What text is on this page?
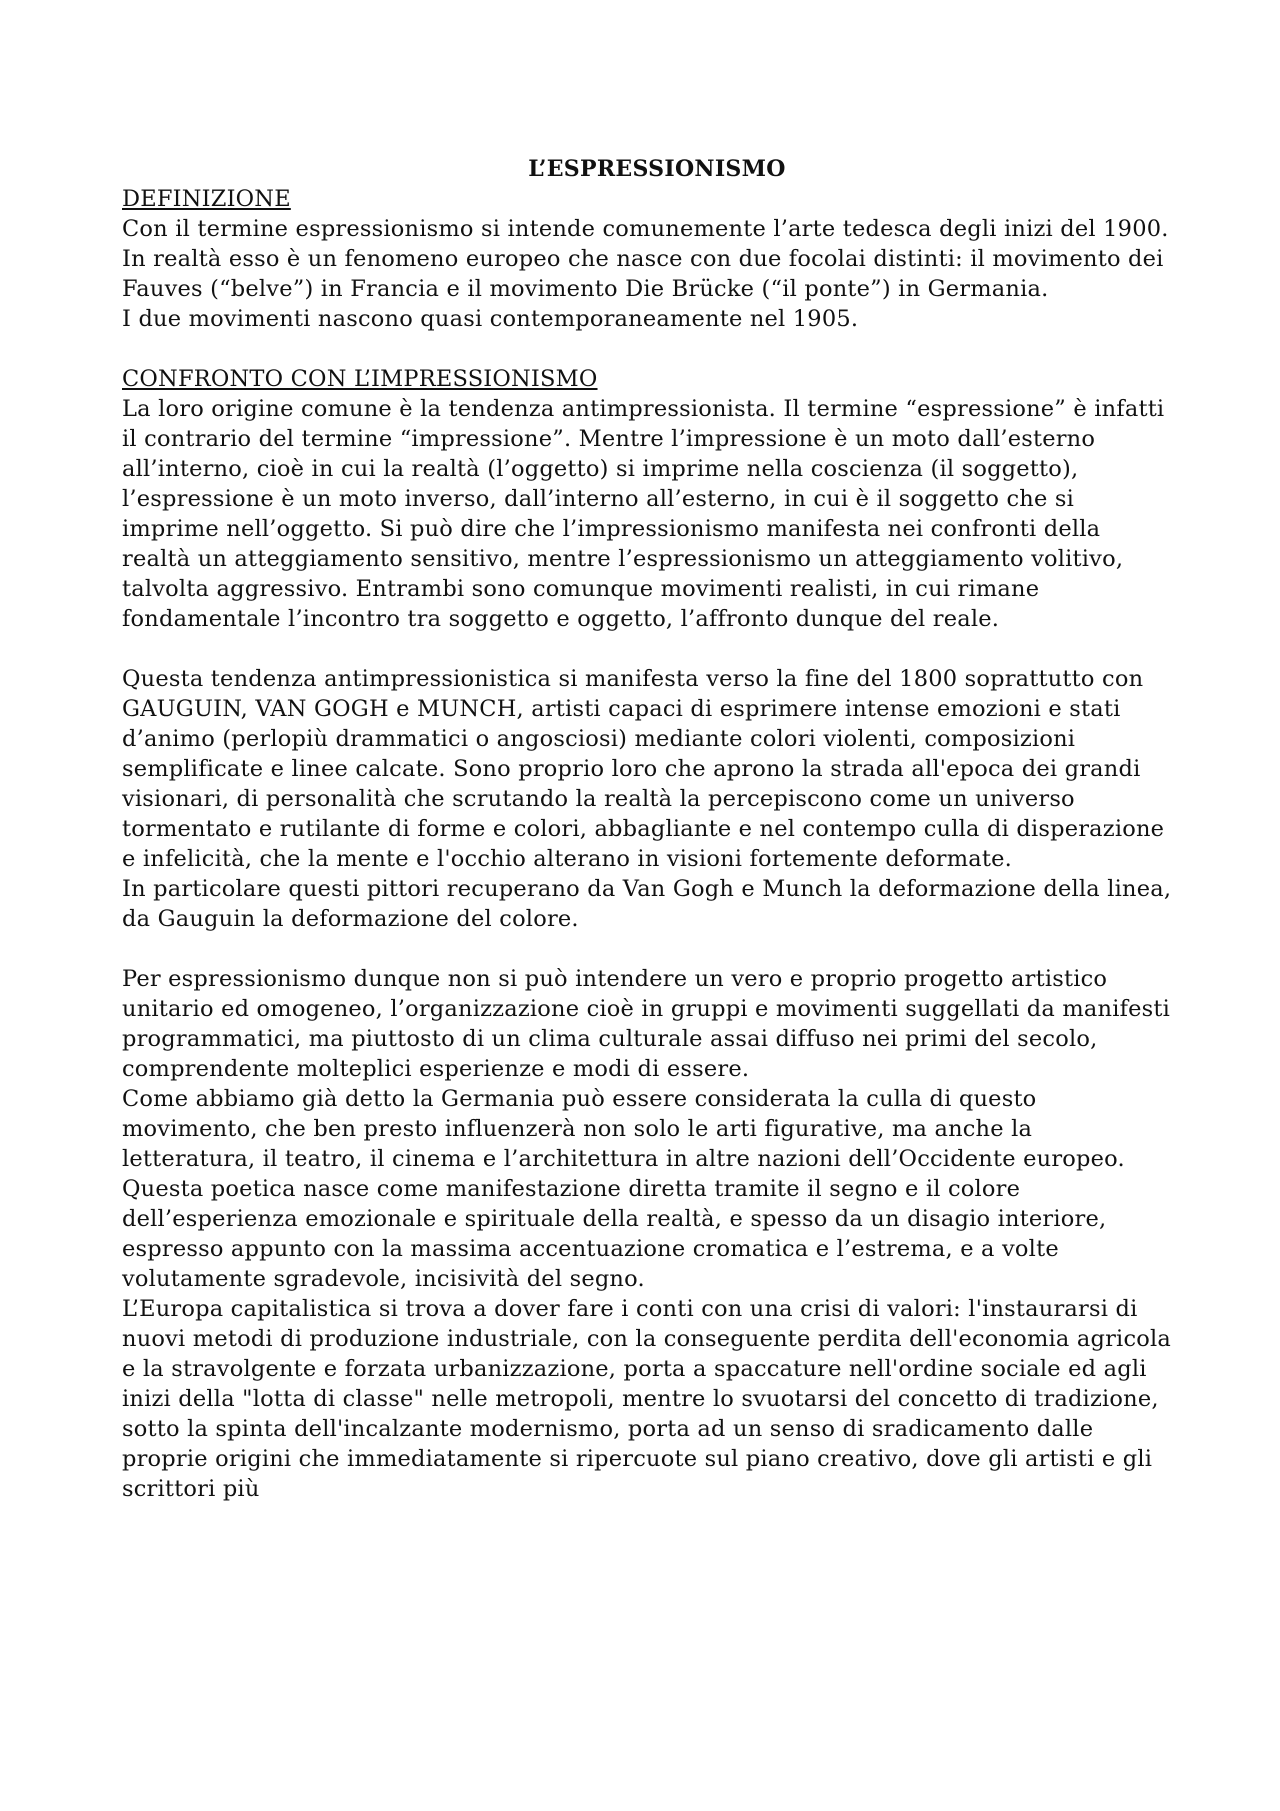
L’ESPRESSIONISMO

DEFINIZIONE

Con il termine espressionismo si intende comunemente l’arte tedesca degli inizi del 1900.

In realtà esso è un fenomeno europeo che nasce con due focolai distinti: il movimento dei Fauves (“belve”) in Francia e il movimento Die Brücke (“il ponte”) in Germania.

I due movimenti nascono quasi contemporaneamente nel 1905.

CONFRONTO CON L’IMPRESSIONISMO

La loro origine comune è la tendenza antimpressionista. Il termine “espressione” è infatti il contrario del termine “impressione”. Mentre l’impressione è un moto dall’esterno all’interno, cioè in cui la realtà (l’oggetto) si imprime nella coscienza (il soggetto), l’espressione è un moto inverso, dall’interno all’esterno, in cui è il soggetto che si imprime nell’oggetto. Si può dire che l’impressionismo manifesta nei confronti della realtà un atteggiamento sensitivo, mentre l’espressionismo un atteggiamento volitivo, talvolta aggressivo. Entrambi sono comunque movimenti realisti, in cui rimane fondamentale l’incontro tra soggetto e oggetto, l’affronto dunque del reale.

Questa tendenza antimpressionistica si manifesta verso la fine del 1800 soprattutto con GAUGUIN, VAN GOGH e MUNCH, artisti capaci di esprimere intense emozioni e stati d’animo (perlopiù drammatici o angosciosi) mediante colori violenti, composizioni semplificate e linee calcate. Sono proprio loro che aprono la strada all'epoca dei grandi visionari, di personalità che scrutando la realtà la percepiscono come un universo tormentato e rutilante di forme e colori, abbagliante e nel contempo culla di disperazione e infelicità, che la mente e l'occhio alterano in visioni fortemente deformate.

In particolare questi pittori recuperano da Van Gogh e Munch la deformazione della linea, da Gauguin la deformazione del colore.

Per espressionismo dunque non si può intendere un vero e proprio progetto artistico unitario ed omogeneo, l’organizzazione cioè in gruppi e movimenti suggellati da manifesti programmatici, ma piuttosto di un clima culturale assai diffuso nei primi del secolo, comprendente molteplici esperienze e modi di essere.

Come abbiamo già detto la Germania può essere considerata la culla di questo movimento, che ben presto influenzerà non solo le arti figurative, ma anche la letteratura, il teatro, il cinema e l’architettura in altre nazioni dell’Occidente europeo.

Questa poetica nasce come manifestazione diretta tramite il segno e il colore dell’esperienza emozionale e spirituale della realtà, e spesso da un disagio interiore, espresso appunto con la massima accentuazione cromatica e l’estrema, e a volte volutamente sgradevole, incisività del segno.

L’Europa capitalistica si trova a dover fare i conti con una crisi di valori: l'instaurarsi di nuovi metodi di produzione industriale, con la conseguente perdita dell'economia agricola e la stravolgente e forzata urbanizzazione, porta a spaccature nell'ordine sociale ed agli inizi della "lotta di classe" nelle metropoli, mentre lo svuotarsi del concetto di tradizione, sotto la spinta dell'incalzante modernismo, porta ad un senso di sradicamento dalle proprie origini che immediatamente si ripercuote sul piano creativo, dove gli artisti e gli scrittori più
